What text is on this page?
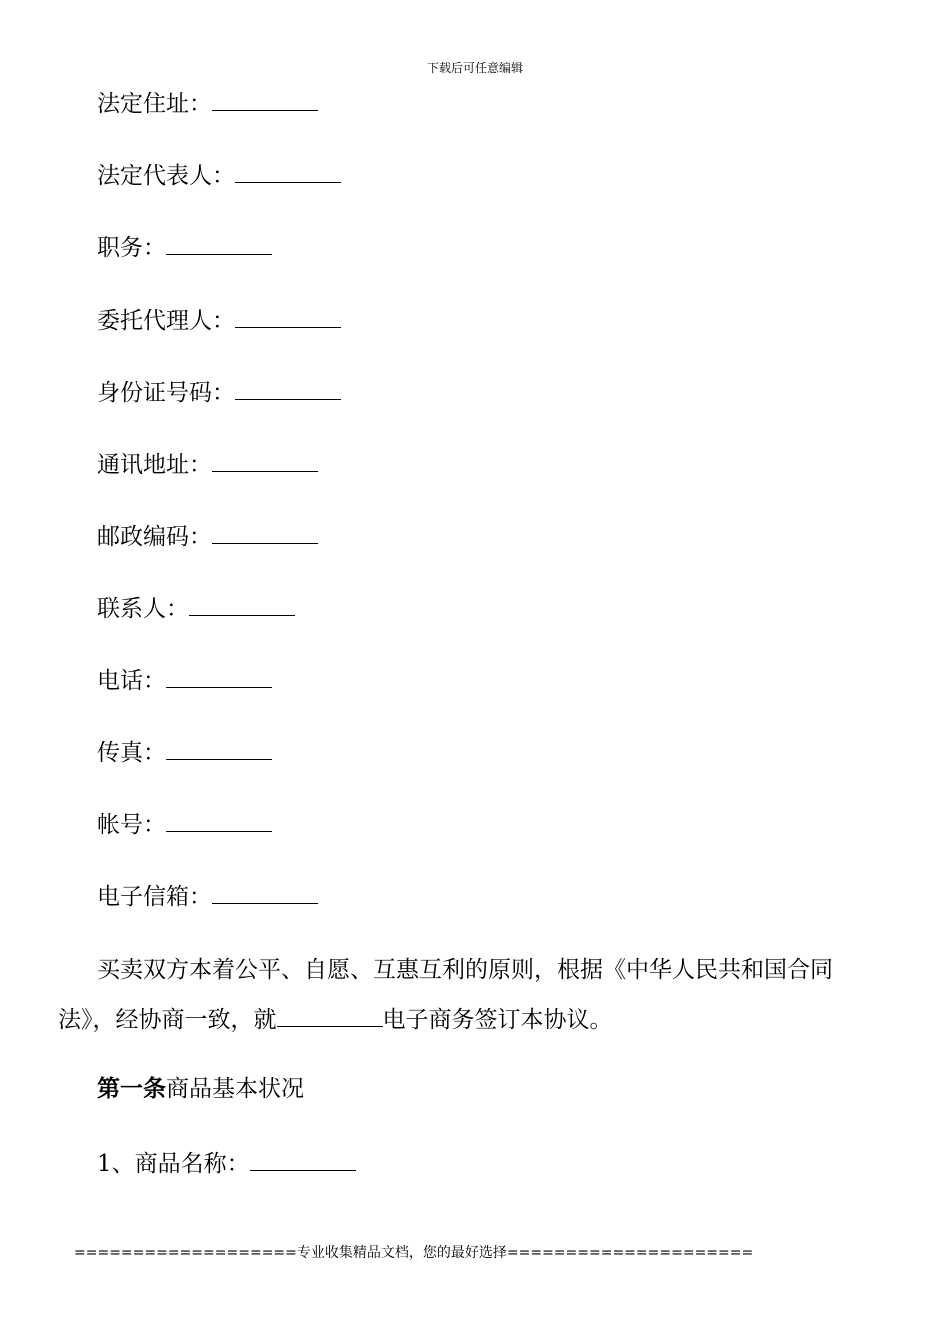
下载后可任意编辑
法定住址：
法定代表人：
职务：
委托代理人：
身份证号码：
通讯地址：
邮政编码：
联系人：
电话：
传真：
帐号：
电子信箱：
买卖双方本着公平、自愿、互惠互利的原则，根据《中华人民共和国合同
法》，经协商一致，就	电子商务签订本协议。
第一条商品基本状况
1、商品名称：
===================专业收集精品文档，您的最好选择=====================
